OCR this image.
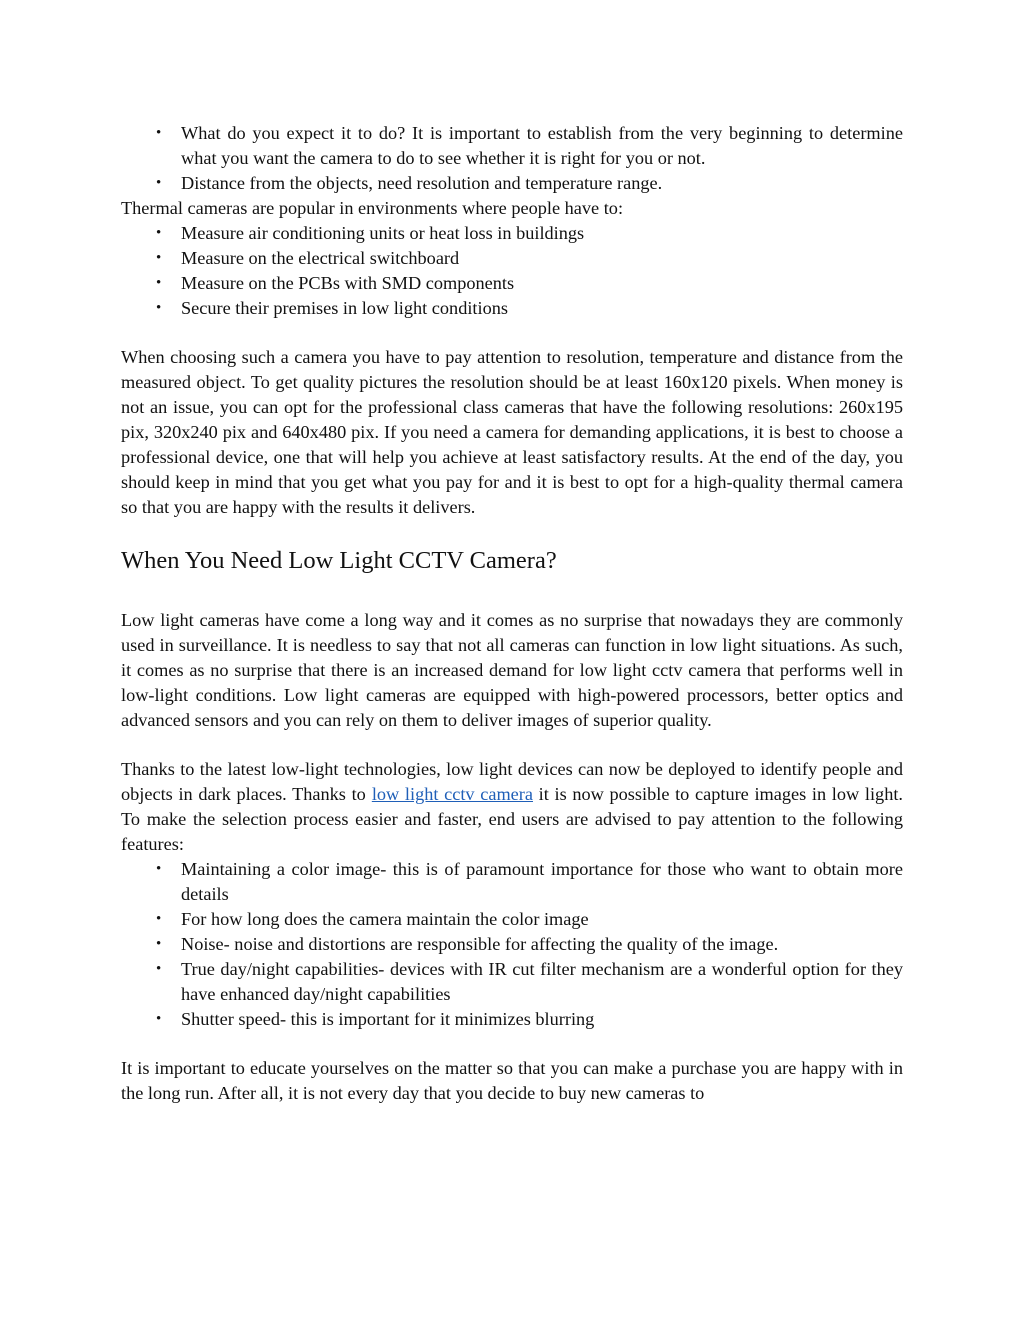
• What do you expect it to do? It is important to establish from the very beginning to determine what you want the camera to do to see whether it is right for you or not.
• Distance from the objects, need resolution and temperature range.

Thermal cameras are popular in environments where people have to:

• Measure air conditioning units or heat loss in buildings
• Measure on the electrical switchboard
• Measure on the PCBs with SMD components
• Secure their premises in low light conditions

When choosing such a camera you have to pay attention to resolution, temperature and distance from the measured object. To get quality pictures the resolution should be at least 160x120 pixels. When money is not an issue, you can opt for the professional class cameras that have the following resolutions: 260x195 pix, 320x240 pix and 640x480 pix. If you need a camera for demanding applications, it is best to choose a professional device, one that will help you achieve at least satisfactory results. At the end of the day, you should keep in mind that you get what you pay for and it is best to opt for a high-quality thermal camera so that you are happy with the results it delivers.

When You Need Low Light CCTV Camera?

Low light cameras have come a long way and it comes as no surprise that nowadays they are commonly used in surveillance. It is needless to say that not all cameras can function in low light situations. As such, it comes as no surprise that there is an increased demand for low light cctv camera that performs well in low-light conditions. Low light cameras are equipped with high-powered processors, better optics and advanced sensors and you can rely on them to deliver images of superior quality.

Thanks to the latest low-light technologies, low light devices can now be deployed to identify people and objects in dark places. Thanks to low light cctv camera it is now possible to capture images in low light. To make the selection process easier and faster, end users are advised to pay attention to the following features:

• Maintaining a color image- this is of paramount importance for those who want to obtain more details
• For how long does the camera maintain the color image
• Noise- noise and distortions are responsible for affecting the quality of the image.
• True day/night capabilities- devices with IR cut filter mechanism are a wonderful option for they have enhanced day/night capabilities
• Shutter speed- this is important for it minimizes blurring

It is important to educate yourselves on the matter so that you can make a purchase you are happy with in the long run. After all, it is not every day that you decide to buy new cameras to
